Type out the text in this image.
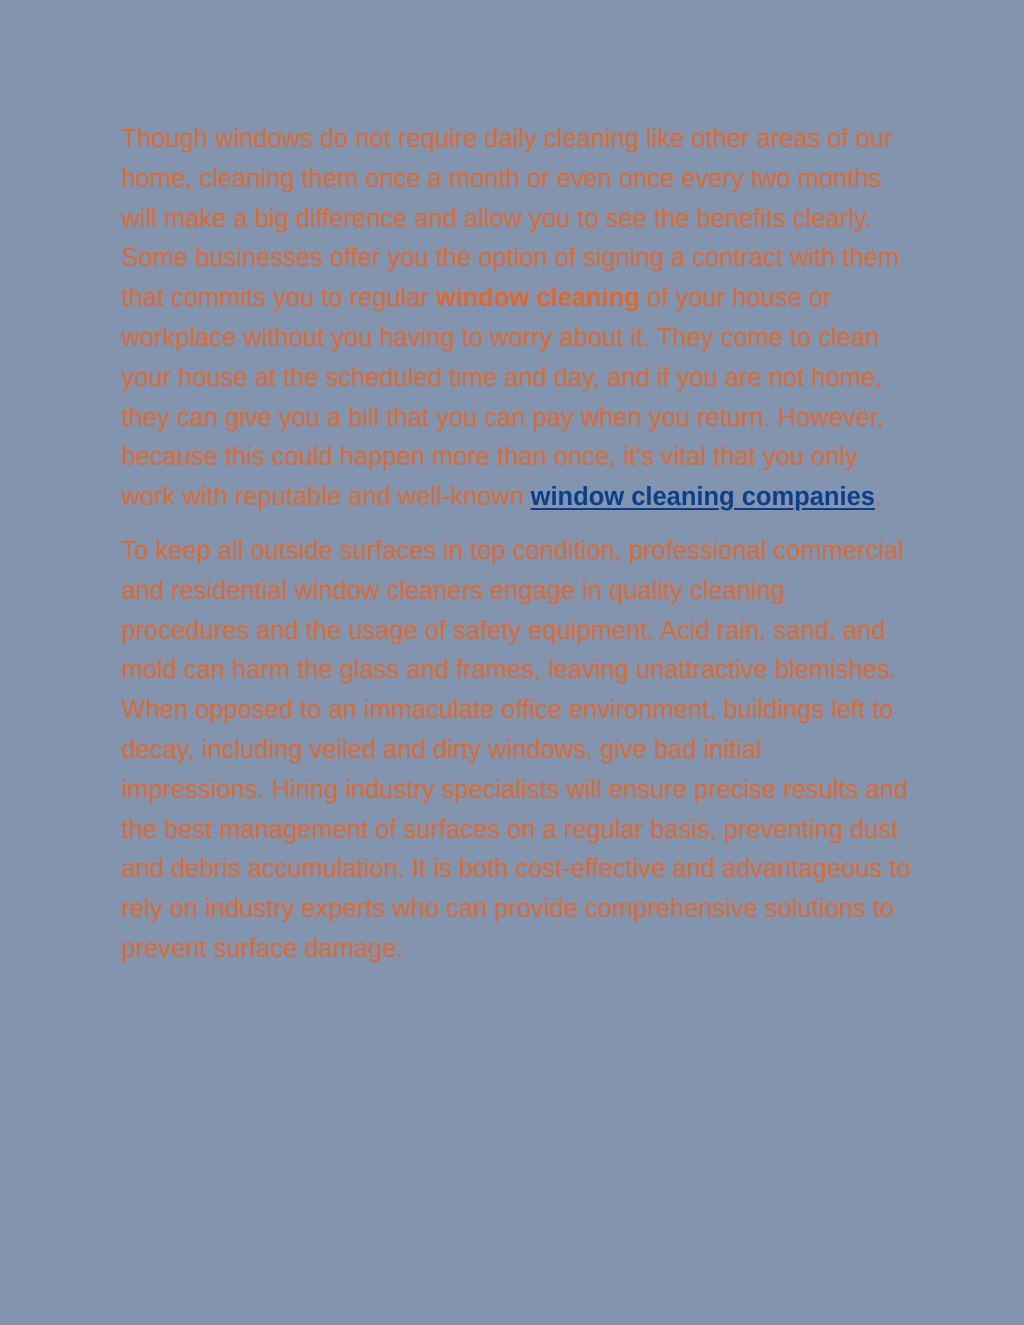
Though windows do not require daily cleaning like other areas of our home, cleaning them once a month or even once every two months will make a big difference and allow you to see the benefits clearly. Some businesses offer you the option of signing a contract with them that commits you to regular window cleaning of your house or workplace without you having to worry about it. They come to clean your house at the scheduled time and day, and if you are not home, they can give you a bill that you can pay when you return. However, because this could happen more than once, it's vital that you only work with reputable and well-known window cleaning companies.

To keep all outside surfaces in top condition, professional commercial and residential window cleaners engage in quality cleaning procedures and the usage of safety equipment. Acid rain, sand, and mold can harm the glass and frames, leaving unattractive blemishes. When opposed to an immaculate office environment, buildings left to decay, including veiled and dirty windows, give bad initial impressions. Hiring industry specialists will ensure precise results and the best management of surfaces on a regular basis, preventing dust and debris accumulation. It is both cost-effective and advantageous to rely on industry experts who can provide comprehensive solutions to prevent surface damage.
